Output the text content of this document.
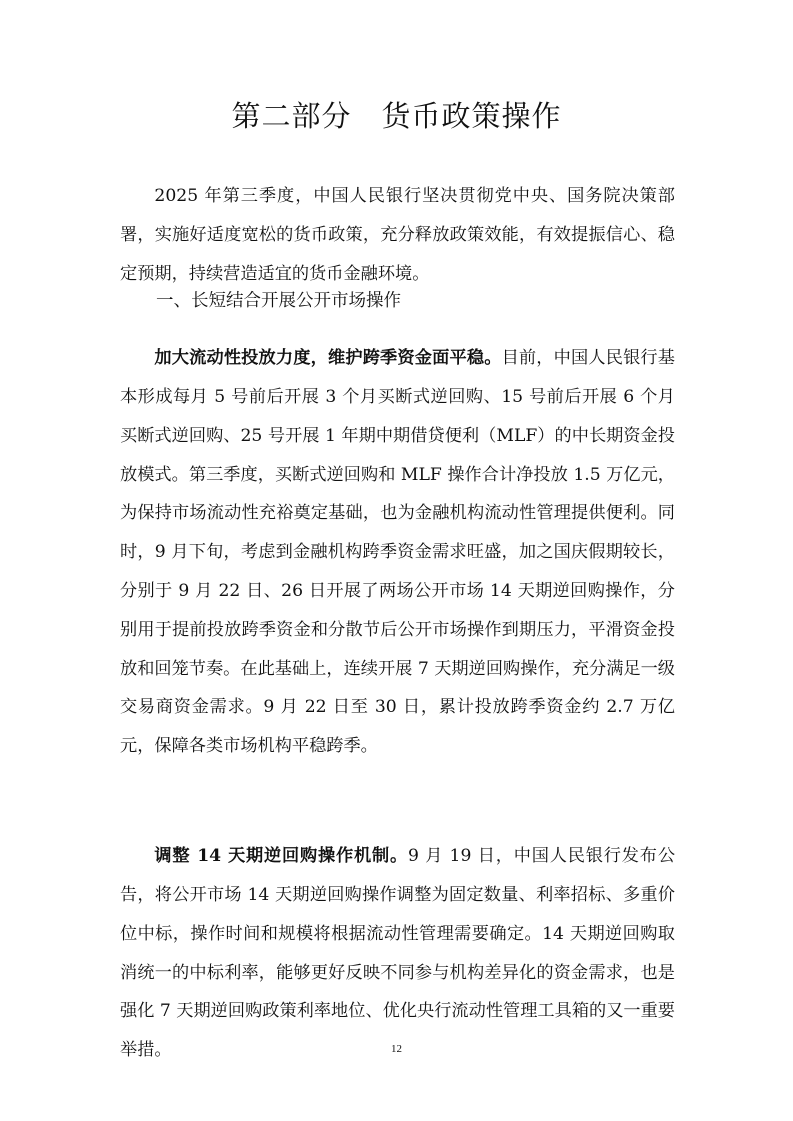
第二部分　货币政策操作

2025 年第三季度，中国人民银行坚决贯彻党中央、国务院决策部署，实施好适度宽松的货币政策，充分释放政策效能，有效提振信心、稳定预期，持续营造适宜的货币金融环境。

一、长短结合开展公开市场操作

加大流动性投放力度，维护跨季资金面平稳。目前，中国人民银行基本形成每月 5 号前后开展 3 个月买断式逆回购、15 号前后开展 6 个月买断式逆回购、25 号开展 1 年期中期借贷便利（MLF）的中长期资金投放模式。第三季度，买断式逆回购和 MLF 操作合计净投放 1.5 万亿元，为保持市场流动性充裕奠定基础，也为金融机构流动性管理提供便利。同时，9 月下旬，考虑到金融机构跨季资金需求旺盛，加之国庆假期较长，分别于 9 月 22 日、26 日开展了两场公开市场 14 天期逆回购操作，分别用于提前投放跨季资金和分散节后公开市场操作到期压力，平滑资金投放和回笼节奏。在此基础上，连续开展 7 天期逆回购操作，充分满足一级交易商资金需求。9 月 22 日至 30 日，累计投放跨季资金约 2.7 万亿元，保障各类市场机构平稳跨季。

调整 14 天期逆回购操作机制。9 月 19 日，中国人民银行发布公告，将公开市场 14 天期逆回购操作调整为固定数量、利率招标、多重价位中标，操作时间和规模将根据流动性管理需要确定。14 天期逆回购取消统一的中标利率，能够更好反映不同参与机构差异化的资金需求，也是强化 7 天期逆回购政策利率地位、优化央行流动性管理工具箱的又一重要举措。	12
